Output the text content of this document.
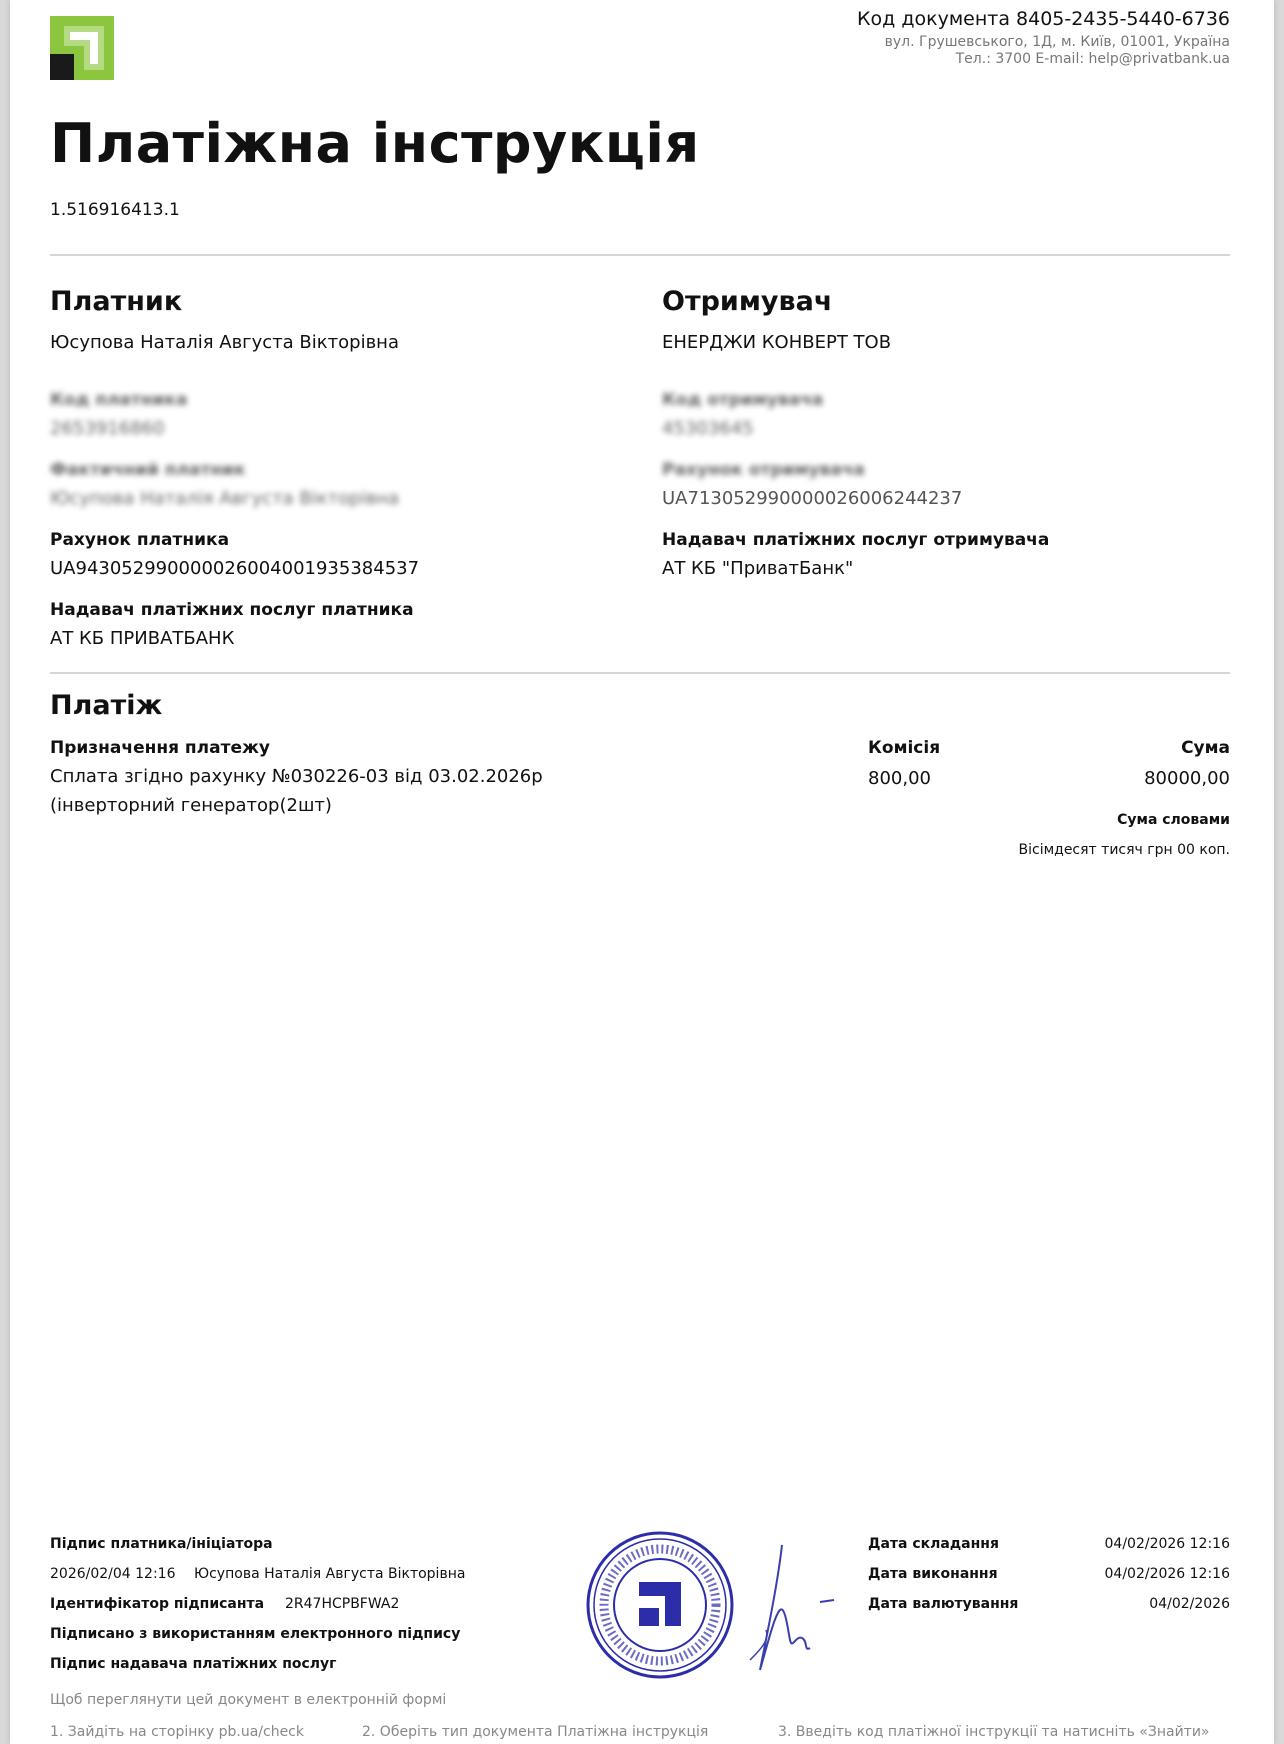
Код документа 8405-2435-5440-6736
вул. Грушевського, 1Д, м. Київ, 01001, Україна
Тел.: 3700 E-mail: help@privatbank.ua
Платіжна інструкція
1.516916413.1
Платник
Юсупова Наталія Августа Вікторівна
Код платника
2653916860
Фактичний платник
Юсупова Наталія Августа Вікторівна
Рахунок платника
UA943052990000026004001935384537
Надавач платіжних послуг платника
АТ КБ ПРИВАТБАНК
Отримувач
ЕНЕРДЖИ КОНВЕРТ ТОВ
Код отримувача
45303645
Рахунок отримувача
UA713052990000026006244237
Надавач платіжних послуг отримувача
АТ КБ "ПриватБанк"
Платіж
Призначення платежу
Сплата згідно рахунку №030226-03 від 03.02.2026р
(інверторний генератор(2шт)
Комісія
800,00
Сума
80000,00
Сума словами
Вісімдесят тисяч грн 00 коп.
Підпис платника/ініціатора
2026/02/04 12:16 Юсупова Наталія Августа Вікторівна
Ідентифікатор підписанта 2R47HCPBFWA2
Підписано з використанням електронного підпису
Підпис надавача платіжних послуг
Щоб переглянути цей документ в електронній формі
1. Зайдіть на сторінку pb.ua/check	2. Оберіть тип документа Платіжна інструкція	3. Введіть код платіжної інструкції та натисніть «Знайти»
Дата складання	04/02/2026 12:16
Дата виконання	04/02/2026 12:16
Дата валютування	04/02/2026
